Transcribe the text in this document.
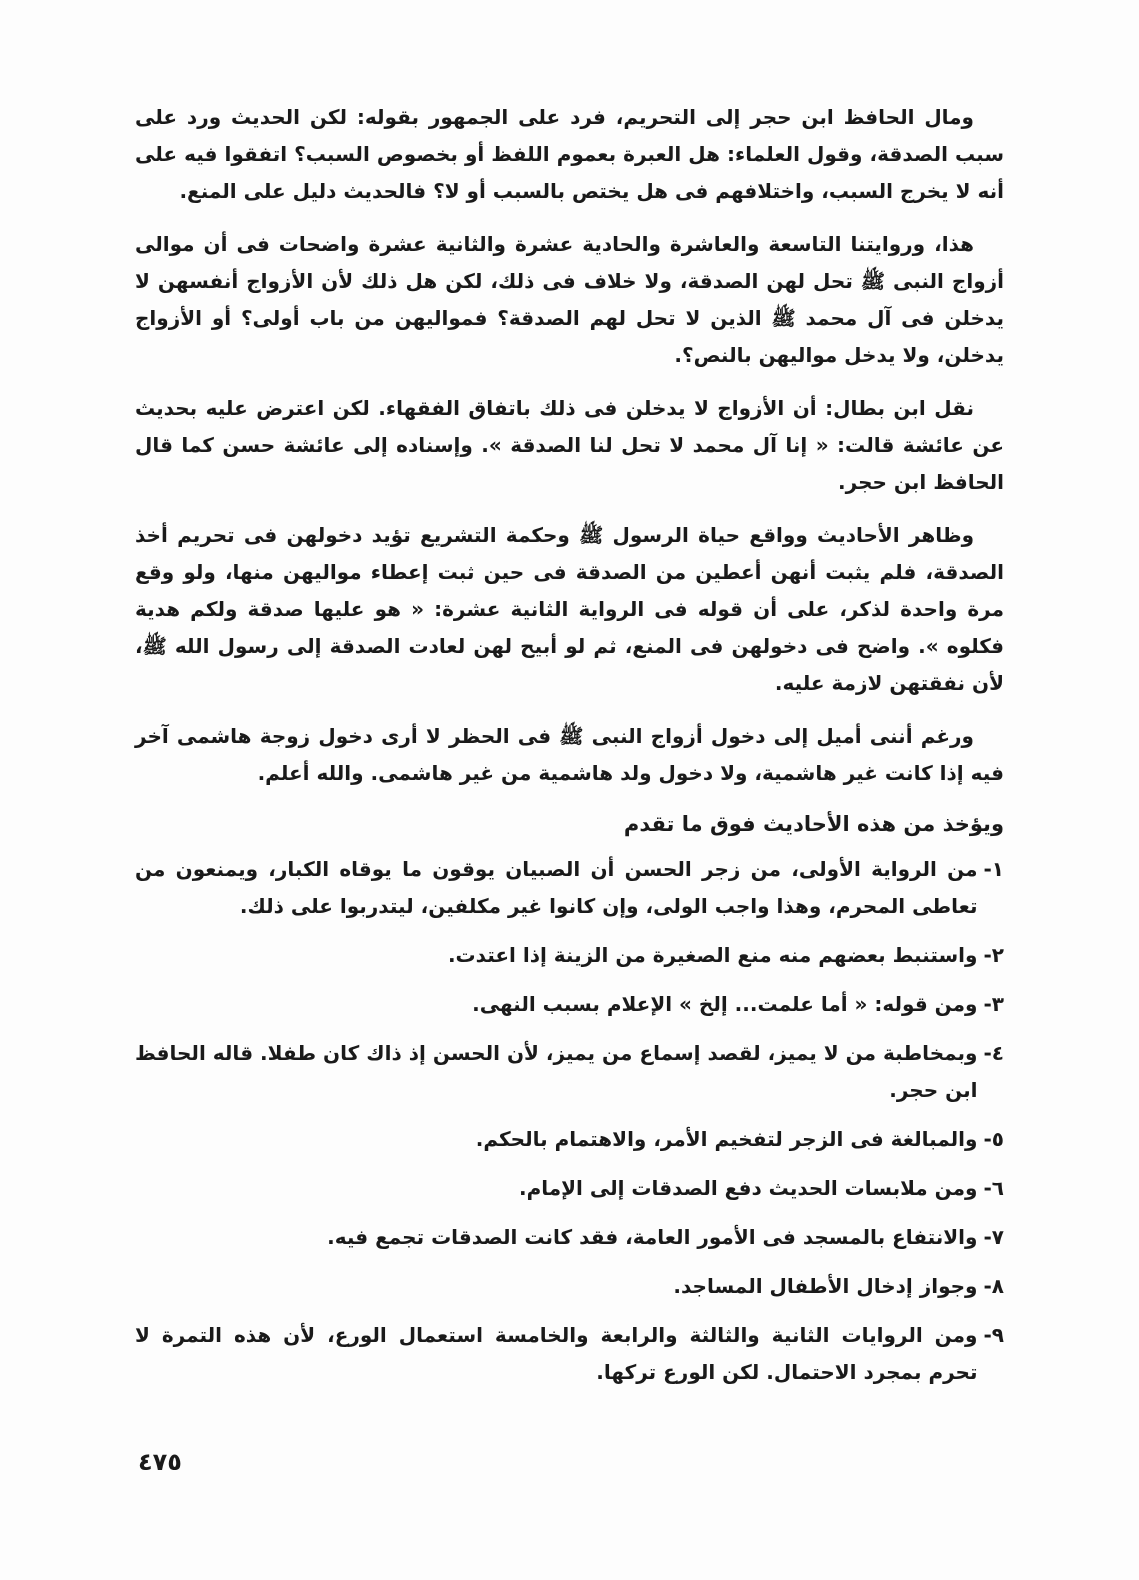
ومال الحافظ ابن حجر إلى التحريم، فرد على الجمهور بقوله: لكن الحديث ورد على سبب الصدقة، وقول العلماء: هل العبرة بعموم اللفظ أو بخصوص السبب؟ اتفقوا فيه على أنه لا يخرج السبب، واختلافهم فى هل يختص بالسبب أو لا؟ فالحديث دليل على المنع.

هذا، وروايتنا التاسعة والعاشرة والحادية عشرة والثانية عشرة واضحات فى أن موالى أزواج النبى ﷺ تحل لهن الصدقة، ولا خلاف فى ذلك، لكن هل ذلك لأن الأزواج أنفسهن لا يدخلن فى آل محمد ﷺ الذين لا تحل لهم الصدقة؟ فمواليهن من باب أولى؟ أو الأزواج يدخلن، ولا يدخل مواليهن بالنص؟.

نقل ابن بطال: أن الأزواج لا يدخلن فى ذلك باتفاق الفقهاء. لكن اعترض عليه بحديث عن عائشة قالت: « إنا آل محمد لا تحل لنا الصدقة ». وإسناده إلى عائشة حسن كما قال الحافظ ابن حجر.

وظاهر الأحاديث وواقع حياة الرسول ﷺ وحكمة التشريع تؤيد دخولهن فى تحريم أخذ الصدقة، فلم يثبت أنهن أعطين من الصدقة فى حين ثبت إعطاء مواليهن منها، ولو وقع مرة واحدة لذكر، على أن قوله فى الرواية الثانية عشرة: « هو عليها صدقة ولكم هدية فكلوه ». واضح فى دخولهن فى المنع، ثم لو أبيح لهن لعادت الصدقة إلى رسول الله ﷺ، لأن نفقتهن لازمة عليه.

ورغم أننى أميل إلى دخول أزواج النبى ﷺ فى الحظر لا أرى دخول زوجة هاشمى آخر فيه إذا كانت غير هاشمية، ولا دخول ولد هاشمية من غير هاشمى. والله أعلم.

ويؤخذ من هذه الأحاديث فوق ما تقدم

١-
من الرواية الأولى، من زجر الحسن أن الصبيان يوقون ما يوقاه الكبار، ويمنعون من تعاطى المحرم، وهذا واجب الولى، وإن كانوا غير مكلفين، ليتدربوا على ذلك.
٢-
واستنبط بعضهم منه منع الصغيرة من الزينة إذا اعتدت.
٣-
ومن قوله: « أما علمت... إلخ » الإعلام بسبب النهى.
٤-
وبمخاطبة من لا يميز، لقصد إسماع من يميز، لأن الحسن إذ ذاك كان طفلا. قاله الحافظ ابن حجر.
٥-
والمبالغة فى الزجر لتفخيم الأمر، والاهتمام بالحكم.
٦-
ومن ملابسات الحديث دفع الصدقات إلى الإمام.
٧-
والانتفاع بالمسجد فى الأمور العامة، فقد كانت الصدقات تجمع فيه.
٨-
وجواز إدخال الأطفال المساجد.
٩-
ومن الروايات الثانية والثالثة والرابعة والخامسة استعمال الورع، لأن هذه التمرة لا تحرم بمجرد الاحتمال. لكن الورع تركها.
٤٧٥
